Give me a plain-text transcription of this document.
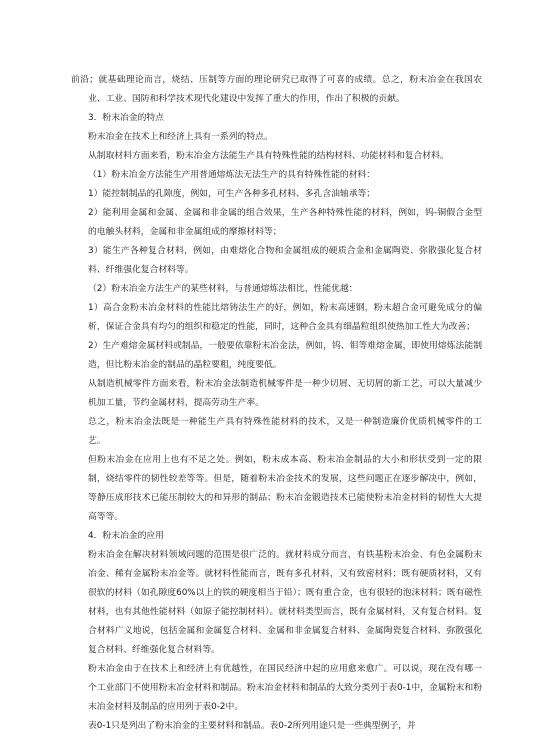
前沿；就基础理论而言，烧结、压制等方面的理论研究已取得了可喜的成绩。总之，粉末冶金在我国农业、工业、国防和科学技术现代化建设中发挥了重大的作用，作出了积极的贡献。

3．粉末冶金的特点

粉末冶金在技术上和经济上具有一系列的特点。

从制取材料方面来看，粉末冶金方法能生产具有特殊性能的结构材料、功能材料和复合材料。

（1）粉末冶金方法能生产用普通熔炼法无法生产的具有特殊性能的材料：

1）能控制制品的孔隙度，例如，可生产各种多孔材料、多孔含油轴承等；

2）能利用金属和金属、金属和非金属的组合效果，生产各种特殊性能的材料，例如，钨-铜假合金型的电触头材料，金属和非金属组成的摩擦材料等；

3）能生产各种复合材料，例如，由难熔化合物和金属组成的硬质合金和金属陶瓷、弥散强化复合材料、纤维强化复合材料等。

（2）粉末冶金方法生产的某些材料，与普通熔炼法相比，性能优越：

1）高合金粉末冶金材料的性能比熔铸法生产的好，例如，粉末高速钢，粉末超合金可避免成分的偏析，保证合金具有均匀的组织和稳定的性能，同时，这种合金具有细晶粒组织使热加工性大为改善；

2）生产难熔金属材料或制品，一般要依靠粉末冶金法，例如，钨、钼等难熔金属，即使用熔炼法能制造，但比粉末冶金的制品的晶粒要粗，纯度要低。

从制造机械零件方面来看，粉末冶金法制造机械零件是一种少切屑、无切屑的新工艺，可以大量减少机加工量，节约金属材料，提高劳动生产率。

总之，粉末冶金法既是一种能生产具有特殊性能材料的技术，又是一种制造廉价优质机械零件的工艺。

但粉末冶金在应用上也有不足之处。例如，粉末成本高、粉末冶金制品的大小和形状受到一定的限制，烧结零件的韧性较差等等。但是，随着粉末冶金技术的发展，这些问题正在逐步解决中，例如，等静压成形技术已能压制较大的和异形的制品；粉末冶金锻造技术已能使粉末冶金材料的韧性大大提高等等。

4．粉末冶金的应用

粉末冶金在解决材料领域问题的范围是很广泛的。就材料成分而言，有铁基粉末冶金、有色金属粉末冶金、稀有金属粉末冶金等。就材料性能而言，既有多孔材料，又有致密材料；既有硬质材料，又有很软的材料（如孔隙度60%以上的铁的硬度相当于铅）；既有重合金，也有很轻的泡沫材料；既有磁性材料，也有其他性能材料（如原子能控制材料）。就材料类型而言，既有金属材料，又有复合材料。复合材料广义地说，包括金属和金属复合材料、金属和非金属复合材料、金属陶瓷复合材料、弥散强化复合材料、纤维强化复合材料等。

粉末冶金由于在技术上和经济上有优越性，在国民经济中起的应用愈来愈广。可以说，现在没有哪一个工业部门不使用粉末冶金材料和制品。粉末冶金材料和制品的大致分类列于表0-1中，金属粉末和粉末冶金材料及制品的应用列于表0-2中。

表0-1只是列出了粉末冶金的主要材料和制品。表0-2所列用途只是一些典型例子，并
